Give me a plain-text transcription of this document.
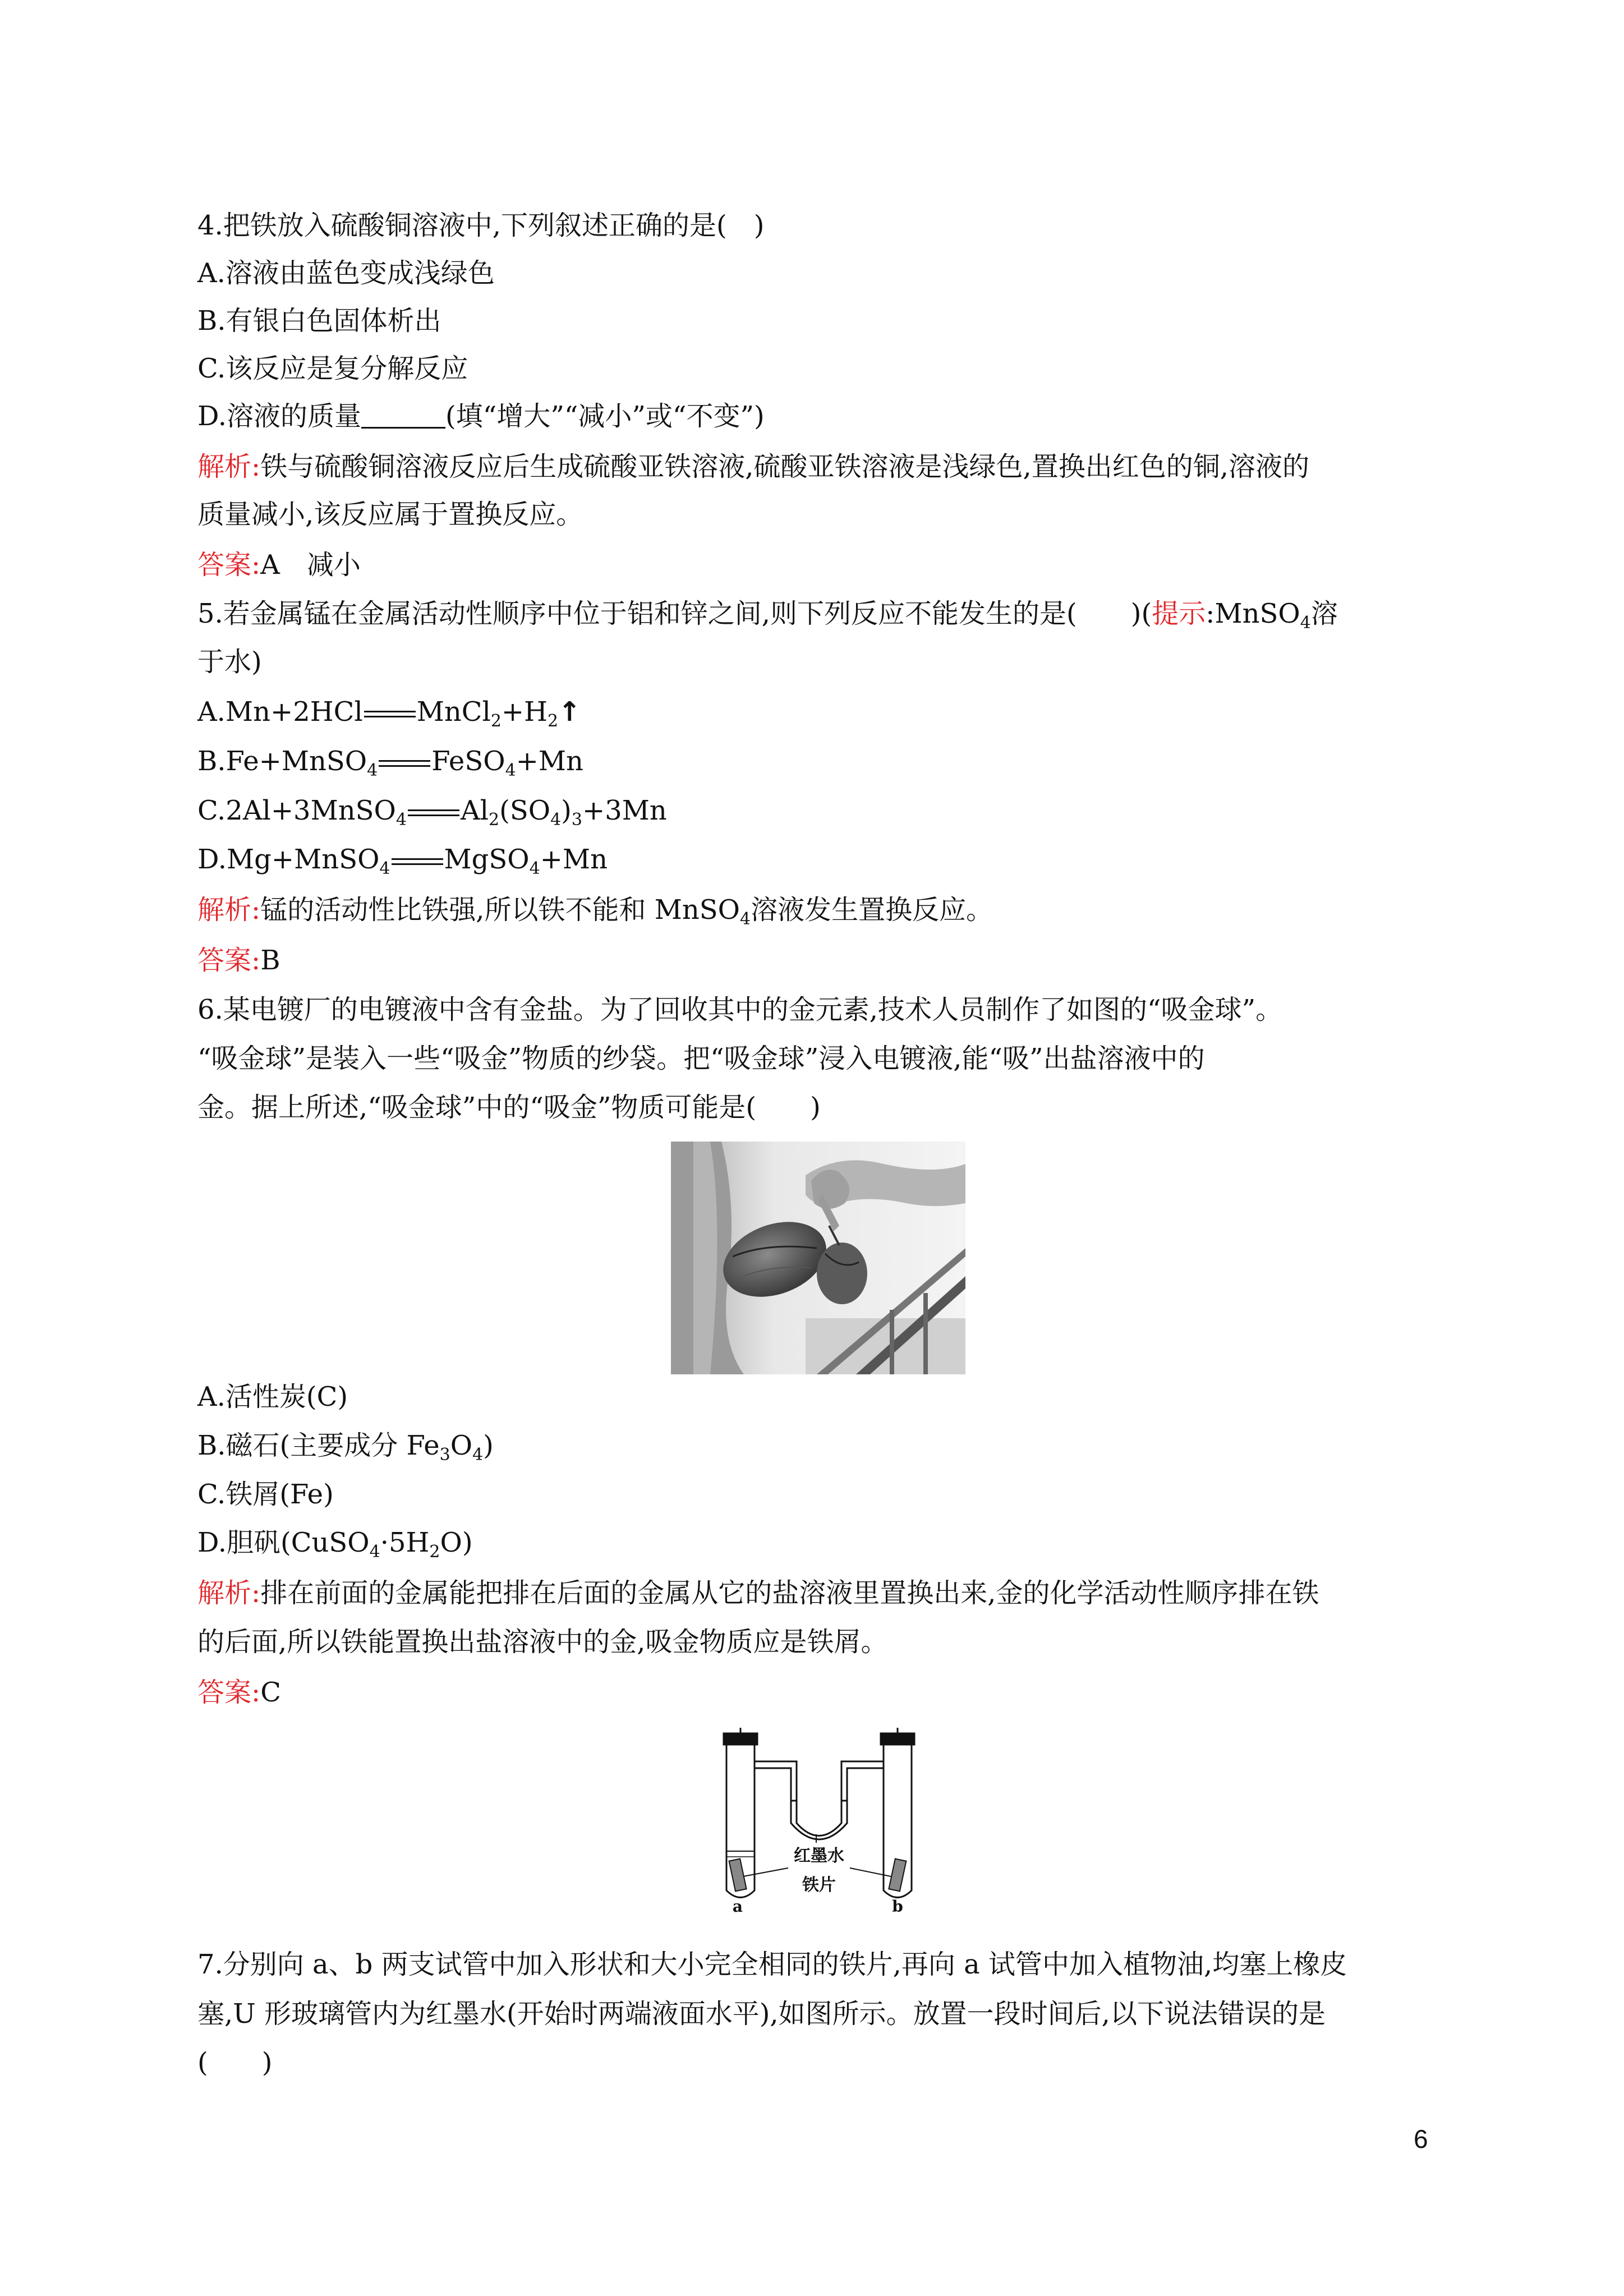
4.把铁放入硫酸铜溶液中,下列叙述正确的是(　)
A.溶液由蓝色变成浅绿色
B.有银白色固体析出
C.该反应是复分解反应
D.溶液的质量	(填“增大”“减小”或“不变”)
解析:铁与硫酸铜溶液反应后生成硫酸亚铁溶液,硫酸亚铁溶液是浅绿色,置换出红色的铜,溶液的
质量减小,该反应属于置换反应。
答案:A　减小
5.若金属锰在金属活动性顺序中位于铝和锌之间,则下列反应不能发生的是(　　)(提示:MnSO$_4$溶
于水)
A.Mn+2HCl $MnCl_2+H_2↑$
B.Fe+MnSO$_4$ FeSO$_4$+Mn
C.2Al+3MnSO$_4$ $Al_2(SO_4)_3+3Mn$
D.Mg+MnSO$_4$ MgSO$_4$+Mn
解析:锰的活动性比铁强,所以铁不能和 MnSO$_4$溶液发生置换反应。
答案:B
6.某电镀厂的电镀液中含有金盐。为了回收其中的金元素,技术人员制作了如图的“吸金球”。
“吸金球”是装入一些“吸金”物质的纱袋。把“吸金球”浸入电镀液,能“吸”出盐溶液中的
金。据上所述,“吸金球”中的“吸金”物质可能是(　　)
A.活性炭(C)
B.磁石(主要成分 $Fe_3O_4$)
C.铁屑(Fe)
D.胆矾$(CuSO_4\cdot 5H_2O)$
解析:排在前面的金属能把排在后面的金属从它的盐溶液里置换出来,金的化学活动性顺序排在铁
的后面,所以铁能置换出盐溶液中的金,吸金物质应是铁屑。
答案:C
红墨水
铁片
a	b
7.分别向 a、b 两支试管中加入形状和大小完全相同的铁片,再向 a 试管中加入植物油,均塞上橡皮
塞,U 形玻璃管内为红墨水(开始时两端液面水平),如图所示。放置一段时间后,以下说法错误的是
(　　)
6
